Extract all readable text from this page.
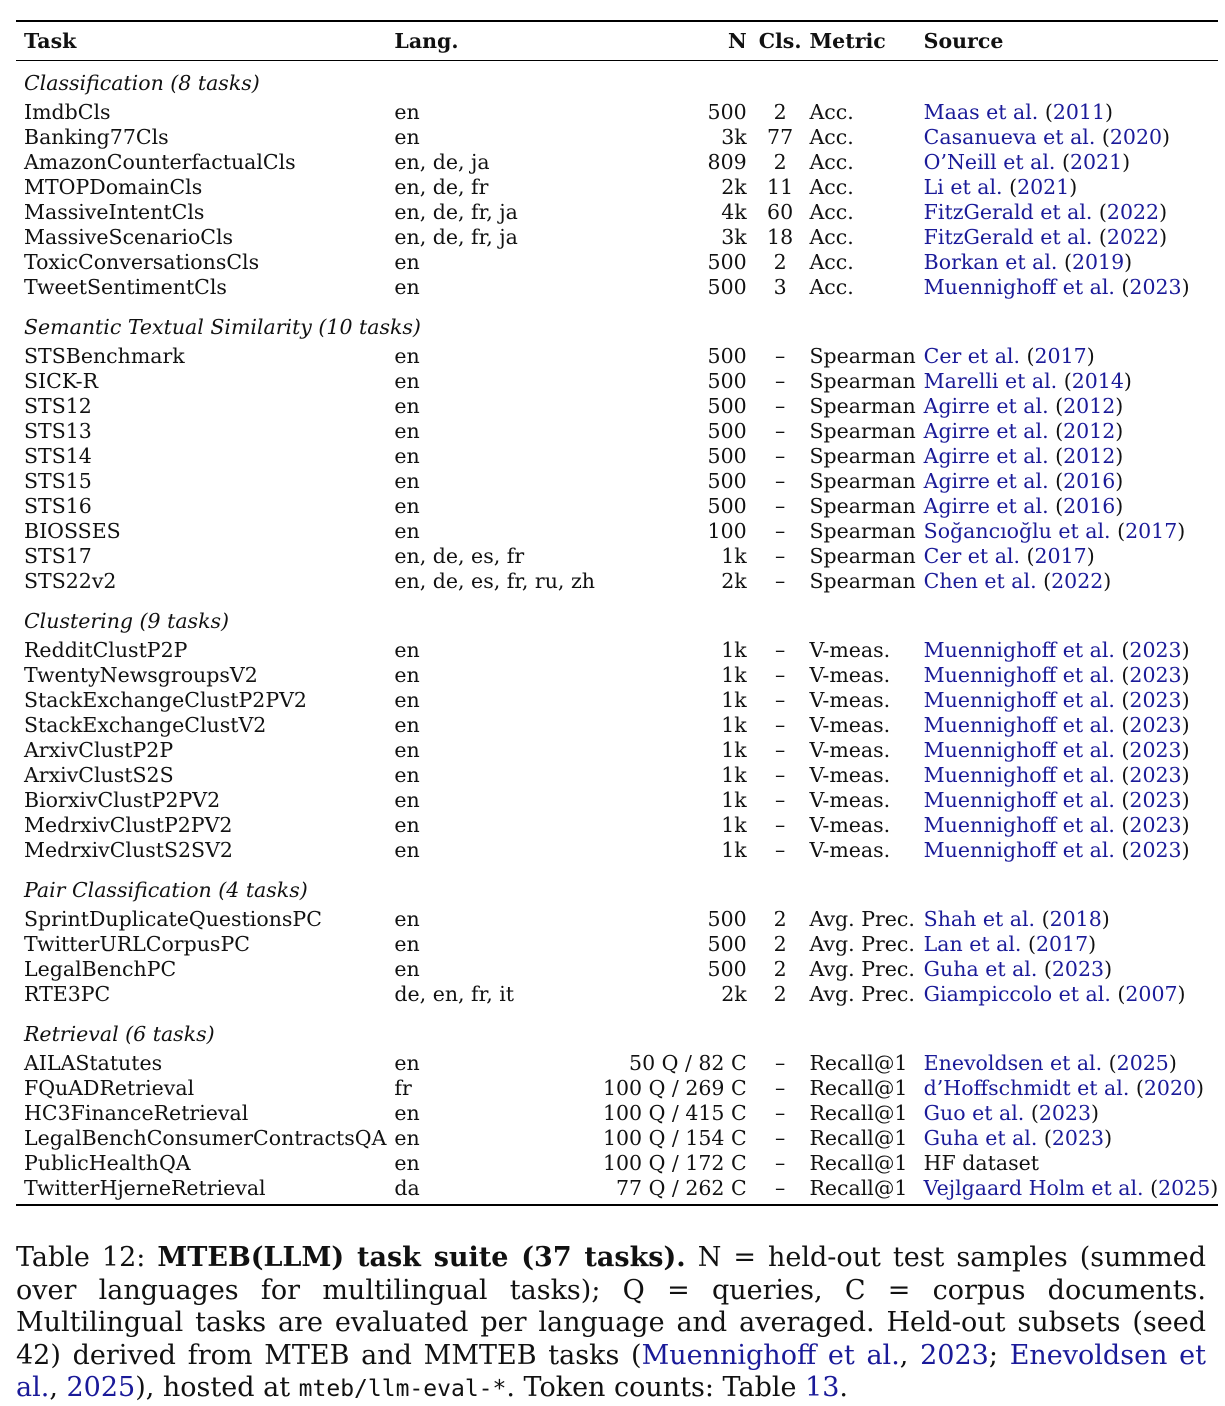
Task	Lang.	N	Cls.	Metric	Source
Classification (8 tasks)					
ImdbCls	en	500	2	Acc.	Maas et al. (2011)
Banking77Cls	en	3k	77	Acc.	Casanueva et al. (2020)
AmazonCounterfactualCls	en, de, ja	809	2	Acc.	O’Neill et al. (2021)
MTOPDomainCls	en, de, fr	2k	11	Acc.	Li et al. (2021)
MassiveIntentCls	en, de, fr, ja	4k	60	Acc.	FitzGerald et al. (2022)
MassiveScenarioCls	en, de, fr, ja	3k	18	Acc.	FitzGerald et al. (2022)
ToxicConversationsCls	en	500	2	Acc.	Borkan et al. (2019)
TweetSentimentCls	en	500	3	Acc.	Muennighoff et al. (2023)
Semantic Textual Similarity (10 tasks)					
STSBenchmark	en	500	–	Spearman	Cer et al. (2017)
SICK-R	en	500	–	Spearman	Marelli et al. (2014)
STS12	en	500	–	Spearman	Agirre et al. (2012)
STS13	en	500	–	Spearman	Agirre et al. (2012)
STS14	en	500	–	Spearman	Agirre et al. (2012)
STS15	en	500	–	Spearman	Agirre et al. (2016)
STS16	en	500	–	Spearman	Agirre et al. (2016)
BIOSSES	en	100	–	Spearman	Soğancıoğlu et al. (2017)
STS17	en, de, es, fr	1k	–	Spearman	Cer et al. (2017)
STS22v2	en, de, es, fr, ru, zh	2k	–	Spearman	Chen et al. (2022)
Clustering (9 tasks)					
RedditClustP2P	en	1k	–	V-meas.	Muennighoff et al. (2023)
TwentyNewsgroupsV2	en	1k	–	V-meas.	Muennighoff et al. (2023)
StackExchangeClustP2PV2	en	1k	–	V-meas.	Muennighoff et al. (2023)
StackExchangeClustV2	en	1k	–	V-meas.	Muennighoff et al. (2023)
ArxivClustP2P	en	1k	–	V-meas.	Muennighoff et al. (2023)
ArxivClustS2S	en	1k	–	V-meas.	Muennighoff et al. (2023)
BiorxivClustP2PV2	en	1k	–	V-meas.	Muennighoff et al. (2023)
MedrxivClustP2PV2	en	1k	–	V-meas.	Muennighoff et al. (2023)
MedrxivClustS2SV2	en	1k	–	V-meas.	Muennighoff et al. (2023)
Pair Classification (4 tasks)					
SprintDuplicateQuestionsPC	en	500	2	Avg. Prec.	Shah et al. (2018)
TwitterURLCorpusPC	en	500	2	Avg. Prec.	Lan et al. (2017)
LegalBenchPC	en	500	2	Avg. Prec.	Guha et al. (2023)
RTE3PC	de, en, fr, it	2k	2	Avg. Prec.	Giampiccolo et al. (2007)
Retrieval (6 tasks)					
AILAStatutes	en	50 Q / 82 C	–	Recall@1	Enevoldsen et al. (2025)
FQuADRetrieval	fr	100 Q / 269 C	–	Recall@1	d’Hoffschmidt et al. (2020)
HC3FinanceRetrieval	en	100 Q / 415 C	–	Recall@1	Guo et al. (2023)
LegalBenchConsumerContractsQA	en	100 Q / 154 C	–	Recall@1	Guha et al. (2023)
PublicHealthQA	en	100 Q / 172 C	–	Recall@1	HF dataset
TwitterHjerneRetrieval	da	77 Q / 262 C	–	Recall@1	Vejlgaard Holm et al. (2025)

Table 12: MTEB(LLM) task suite (37 tasks). N = held-out test samples (summed over languages for multilingual tasks); Q = queries, C = corpus documents. Multilingual tasks are evaluated per language and averaged. Held-out subsets (seed 42) derived from MTEB and MMTEB tasks (Muennighoff et al., 2023; Enevoldsen et al., 2025), hosted at mteb/llm-eval-*. Token counts: Table 13.
